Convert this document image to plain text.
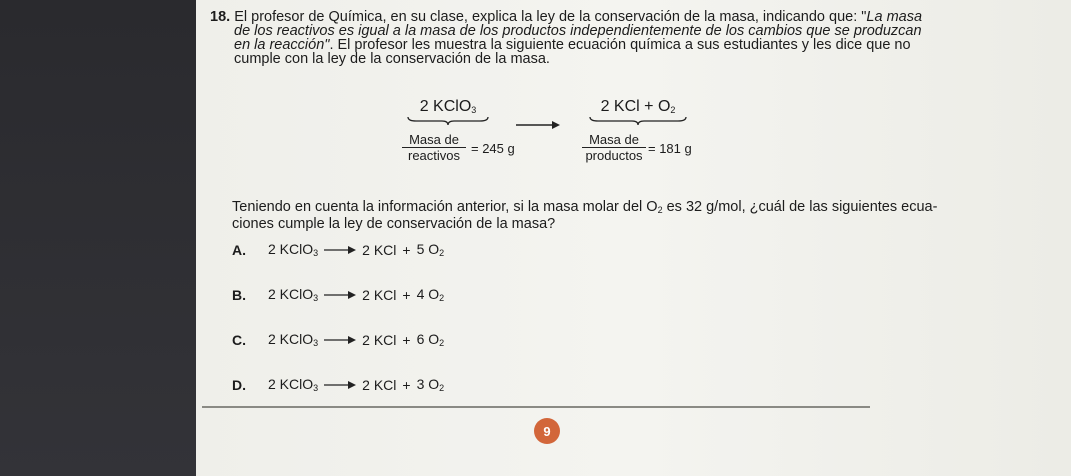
18. El profesor de Química, en su clase, explica la ley de la conservación de la masa, indicando que: "La masa
de los reactivos es igual a la masa de los productos independientemente de los cambios que se produzcan
en la reacción". El profesor les muestra la siguiente ecuación química a sus estudiantes y les dice que no
cumple con la ley de la conservación de la masa.
2 KClO$_3$
Masa de
reactivos = 245 g
2 KCl + $O_2$
Masa de
productos = 181 g
Teniendo en cuenta la información anterior, si la masa molar del $O_2$ es 32 g/mol, ¿cuál de las siguientes ecua-
ciones cumple la ley de conservación de la masa?
A.	2 KClO$_3$	2 KCl + 5 $O_2$
B.	2 KClO$_3$	2 KCl + 4 $O_2$
C.	2 KClO$_3$	2 KCl + 6 $O_2$
D.	2 KClO$_3$	2 KCl + 3 $O_2$
9
